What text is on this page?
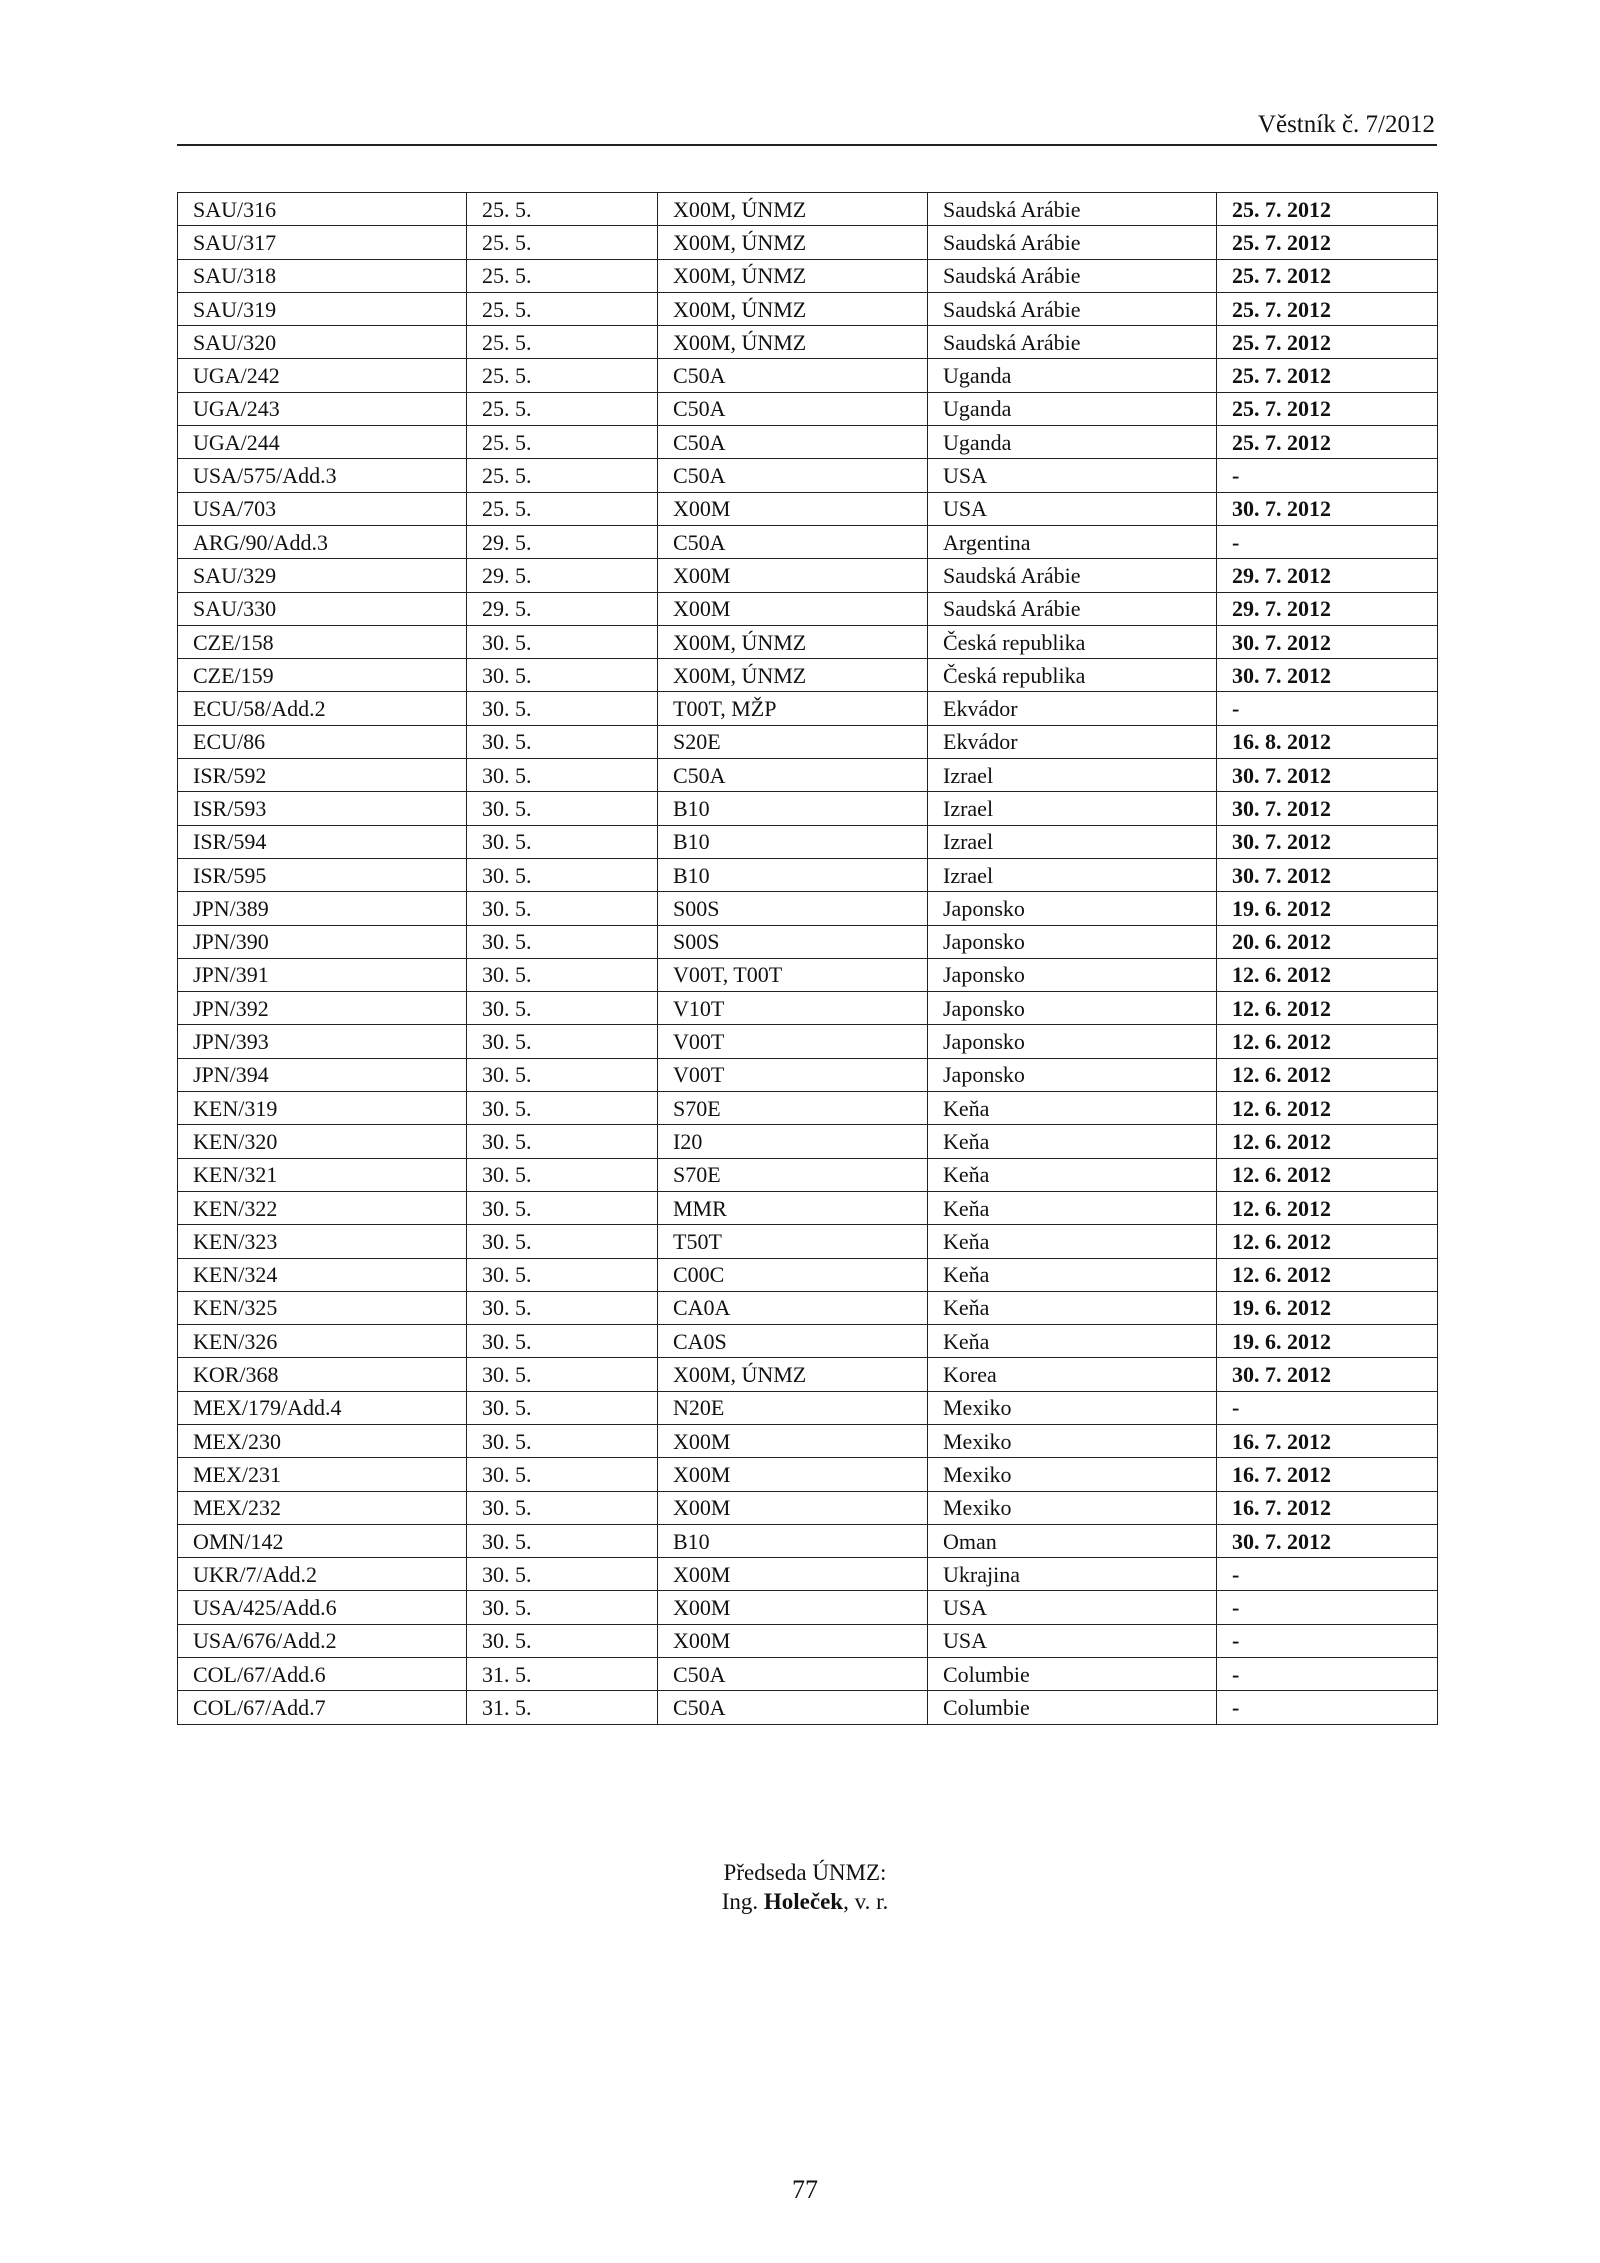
Věstník č. 7/2012
SAU/316	25. 5.	X00M, ÚNMZ	Saudská Arábie	25. 7. 2012
SAU/317	25. 5.	X00M, ÚNMZ	Saudská Arábie	25. 7. 2012
SAU/318	25. 5.	X00M, ÚNMZ	Saudská Arábie	25. 7. 2012
SAU/319	25. 5.	X00M, ÚNMZ	Saudská Arábie	25. 7. 2012
SAU/320	25. 5.	X00M, ÚNMZ	Saudská Arábie	25. 7. 2012
UGA/242	25. 5.	C50A	Uganda	25. 7. 2012
UGA/243	25. 5.	C50A	Uganda	25. 7. 2012
UGA/244	25. 5.	C50A	Uganda	25. 7. 2012
USA/575/Add.3	25. 5.	C50A	USA	-
USA/703	25. 5.	X00M	USA	30. 7. 2012
ARG/90/Add.3	29. 5.	C50A	Argentina	-
SAU/329	29. 5.	X00M	Saudská Arábie	29. 7. 2012
SAU/330	29. 5.	X00M	Saudská Arábie	29. 7. 2012
CZE/158	30. 5.	X00M, ÚNMZ	Česká republika	30. 7. 2012
CZE/159	30. 5.	X00M, ÚNMZ	Česká republika	30. 7. 2012
ECU/58/Add.2	30. 5.	T00T, MŽP	Ekvádor	-
ECU/86	30. 5.	S20E	Ekvádor	16. 8. 2012
ISR/592	30. 5.	C50A	Izrael	30. 7. 2012
ISR/593	30. 5.	B10	Izrael	30. 7. 2012
ISR/594	30. 5.	B10	Izrael	30. 7. 2012
ISR/595	30. 5.	B10	Izrael	30. 7. 2012
JPN/389	30. 5.	S00S	Japonsko	19. 6. 2012
JPN/390	30. 5.	S00S	Japonsko	20. 6. 2012
JPN/391	30. 5.	V00T, T00T	Japonsko	12. 6. 2012
JPN/392	30. 5.	V10T	Japonsko	12. 6. 2012
JPN/393	30. 5.	V00T	Japonsko	12. 6. 2012
JPN/394	30. 5.	V00T	Japonsko	12. 6. 2012
KEN/319	30. 5.	S70E	Keňa	12. 6. 2012
KEN/320	30. 5.	I20	Keňa	12. 6. 2012
KEN/321	30. 5.	S70E	Keňa	12. 6. 2012
KEN/322	30. 5.	MMR	Keňa	12. 6. 2012
KEN/323	30. 5.	T50T	Keňa	12. 6. 2012
KEN/324	30. 5.	C00C	Keňa	12. 6. 2012
KEN/325	30. 5.	CA0A	Keňa	19. 6. 2012
KEN/326	30. 5.	CA0S	Keňa	19. 6. 2012
KOR/368	30. 5.	X00M, ÚNMZ	Korea	30. 7. 2012
MEX/179/Add.4	30. 5.	N20E	Mexiko	-
MEX/230	30. 5.	X00M	Mexiko	16. 7. 2012
MEX/231	30. 5.	X00M	Mexiko	16. 7. 2012
MEX/232	30. 5.	X00M	Mexiko	16. 7. 2012
OMN/142	30. 5.	B10	Oman	30. 7. 2012
UKR/7/Add.2	30. 5.	X00M	Ukrajina	-
USA/425/Add.6	30. 5.	X00M	USA	-
USA/676/Add.2	30. 5.	X00M	USA	-
COL/67/Add.6	31. 5.	C50A	Columbie	-
COL/67/Add.7	31. 5.	C50A	Columbie	-
Předseda ÚNMZ:
Ing. Holeček, v. r.
77
